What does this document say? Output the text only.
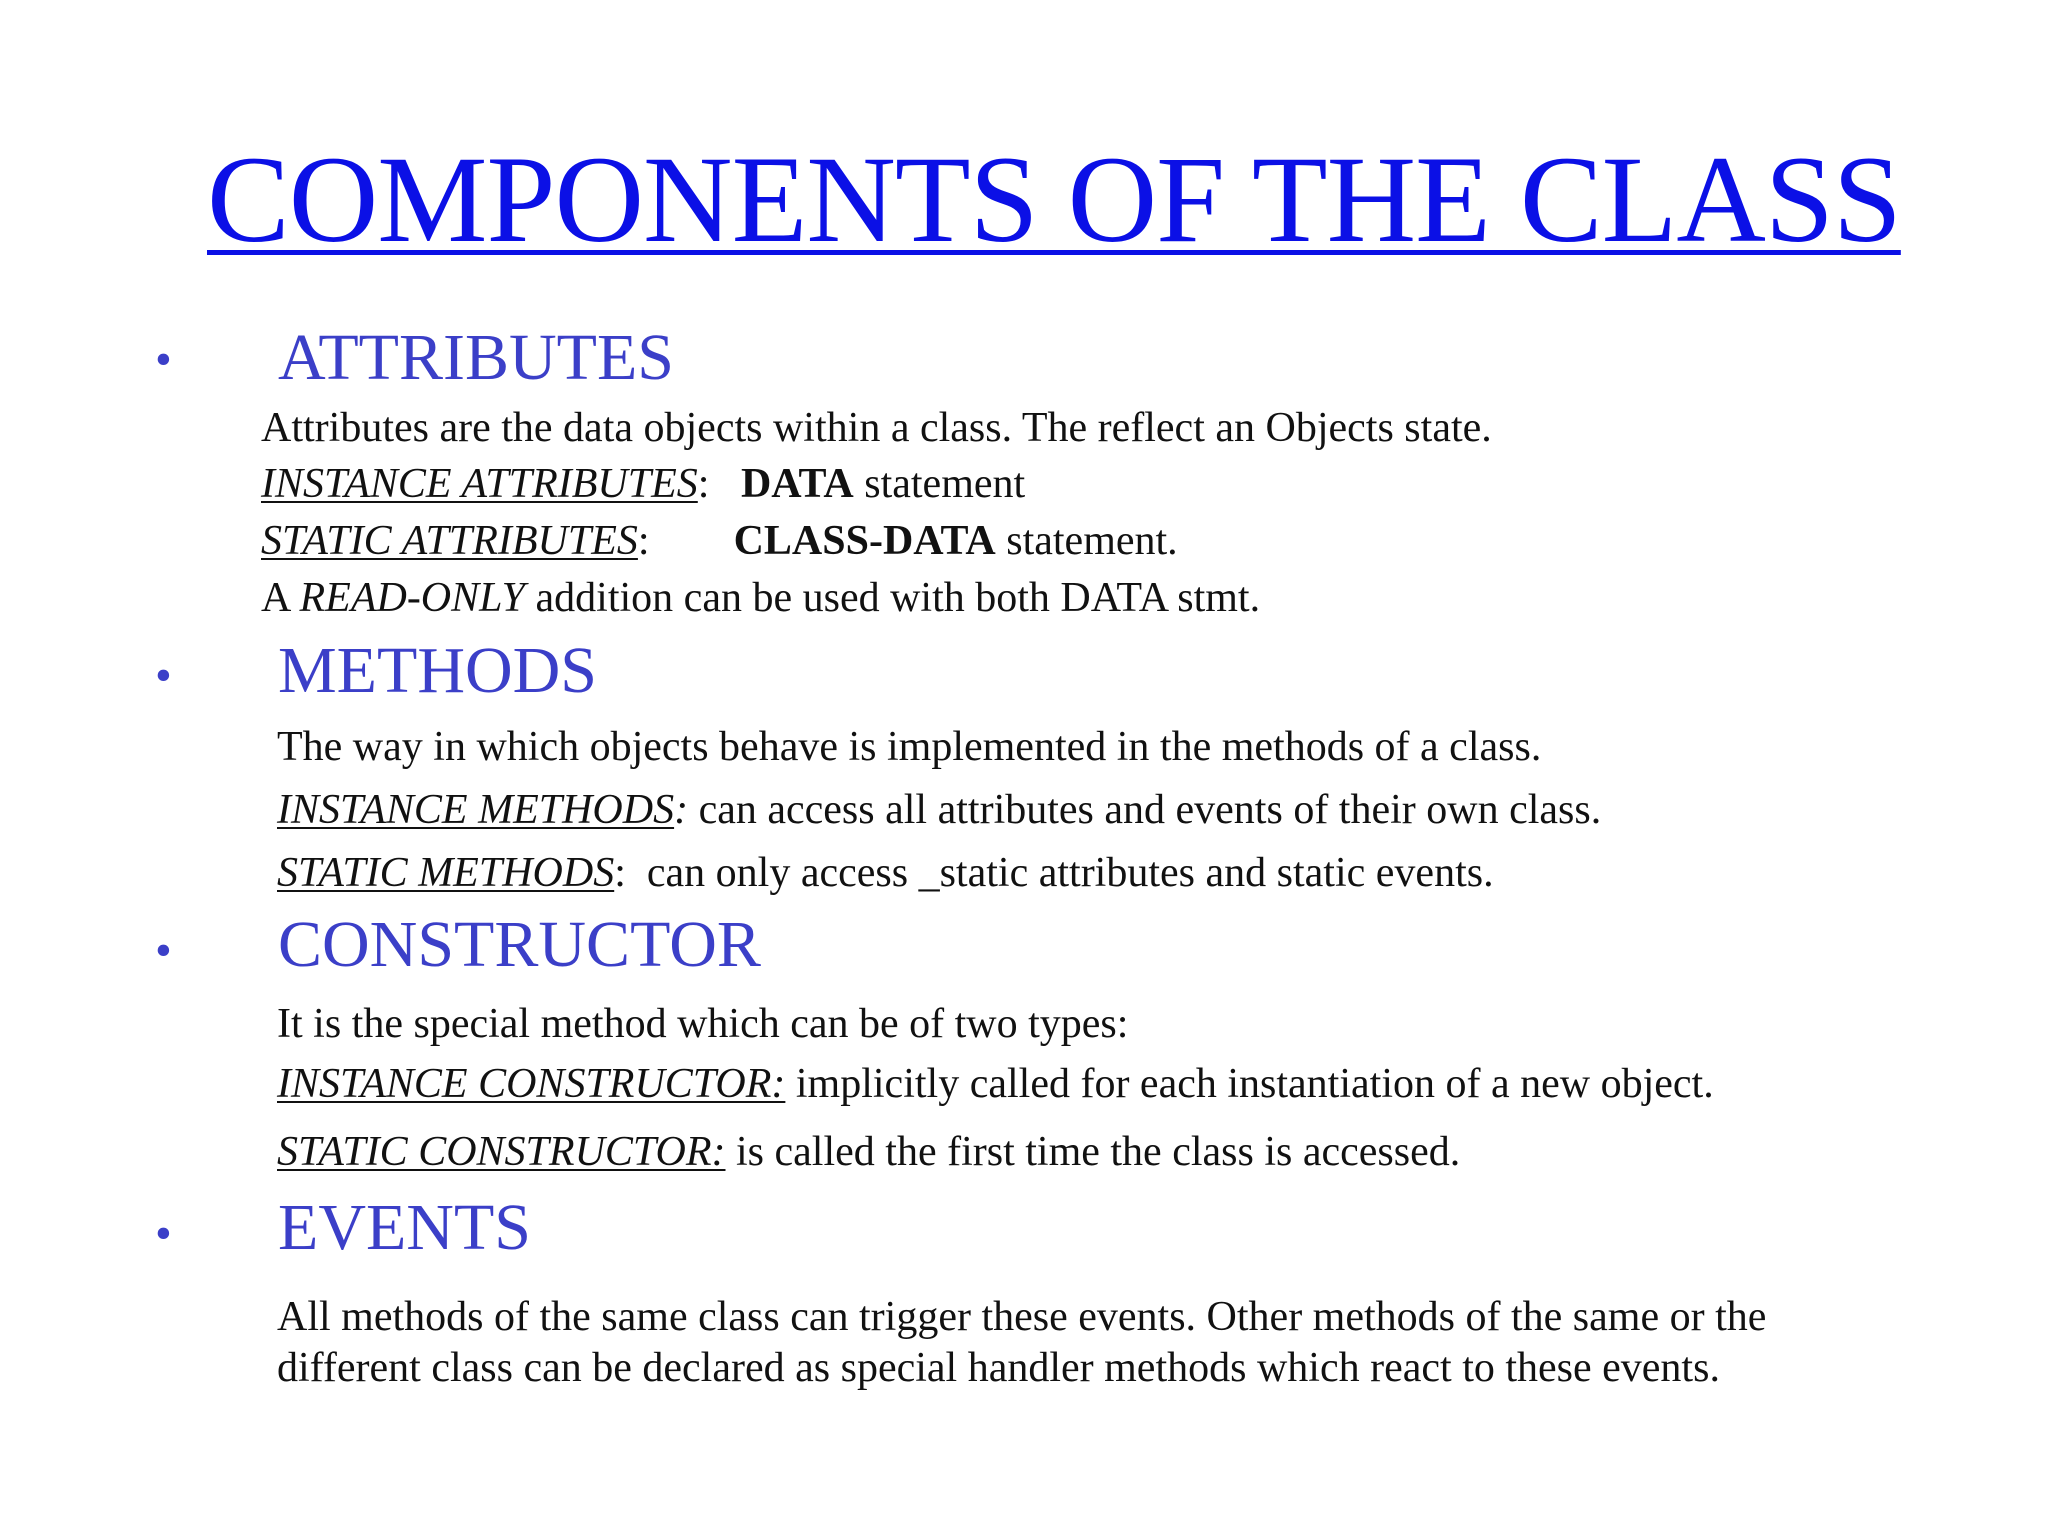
COMPONENTS OF THE CLASS
• ATTRIBUTES

Attributes are the data objects within a class. The reflect an Objects state.

INSTANCE ATTRIBUTES:   DATA statement

STATIC ATTRIBUTES:        CLASS-DATA statement.

A READ-ONLY addition can be used with both DATA stmt.

• METHODS

The way in which objects behave is implemented in the methods of a class.

INSTANCE METHODS: can access all attributes and events of their own class.

STATIC METHODS:  can only access _static attributes and static events.

• CONSTRUCTOR

It is the special method which can be of two types:

INSTANCE CONSTRUCTOR: implicitly called for each instantiation of a new object.

STATIC CONSTRUCTOR: is called the first time the class is accessed.

• EVENTS

All methods of the same class can trigger these events. Other methods of the same or the different class can be declared as special handler methods which react to these events.
